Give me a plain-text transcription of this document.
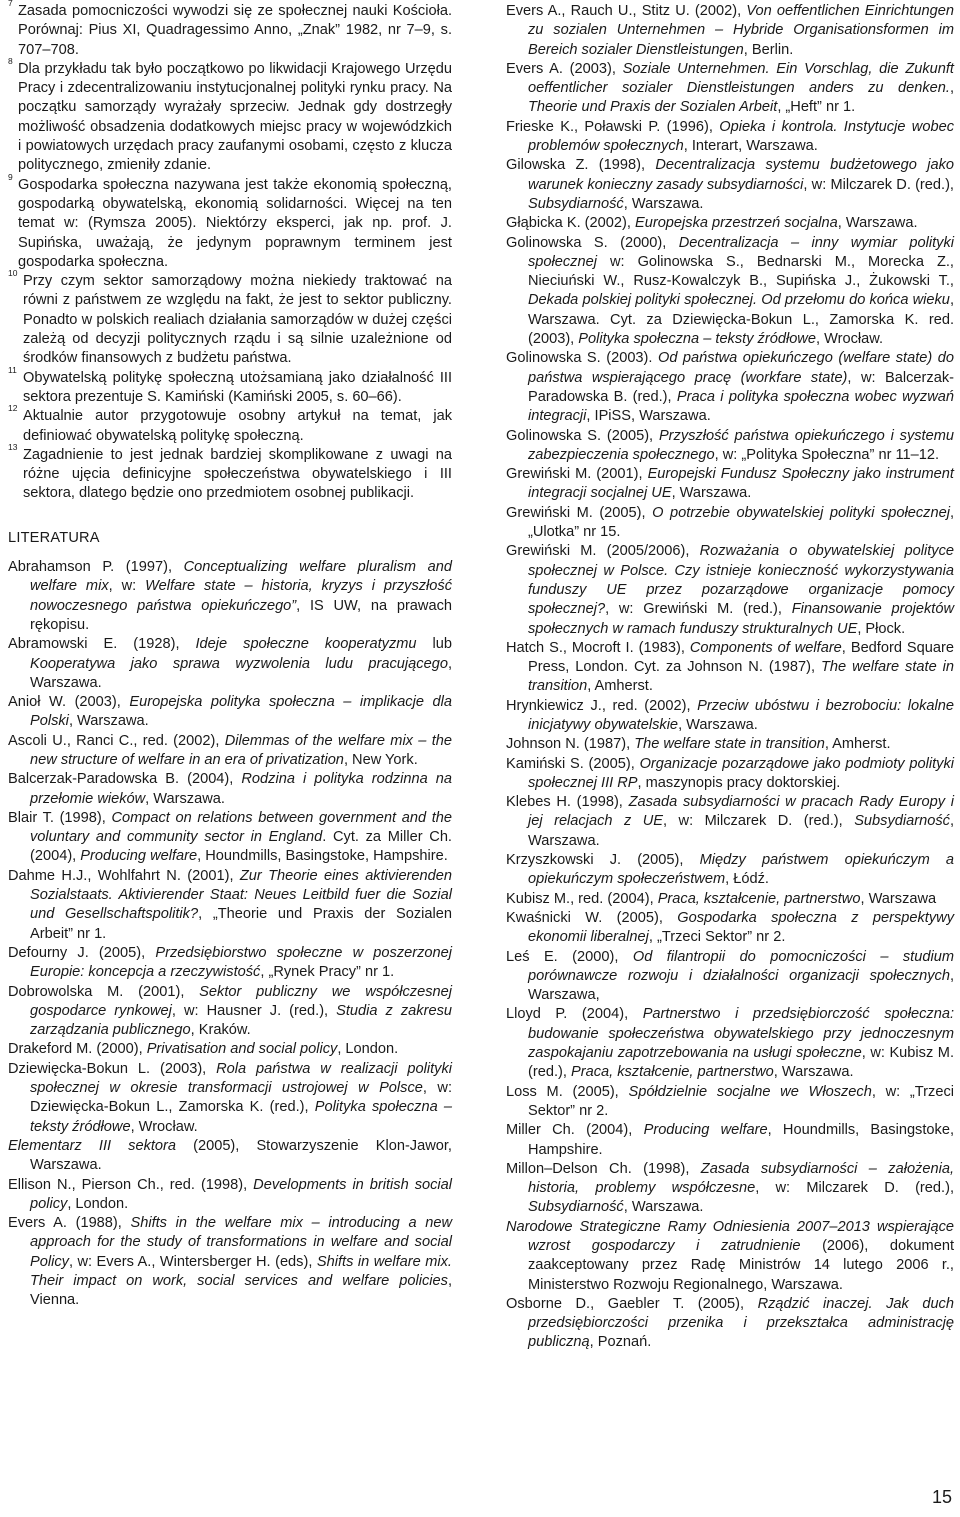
7 Zasada pomocniczości wywodzi się ze społecznej nauki Kościoła. Porównaj: Pius XI, Quadragessimo Anno, „Znak” 1982, nr 7–9, s. 707–708.

8 Dla przykładu tak było początkowo po likwidacji Krajowego Urzędu Pracy i zdecentralizowaniu instytucjonalnej polityki rynku pracy. Na początku samorządy wyrażały sprzeciw. Jednak gdy dostrzegły możliwość obsadzenia dodatkowych miejsc pracy w wojewódzkich i powiatowych urzędach pracy zaufanymi osobami, często z klucza politycznego, zmieniły zdanie.

9 Gospodarka społeczna nazywana jest także ekonomią społeczną, gospodarką obywatelską, ekonomią solidarności. Więcej na ten temat w: (Rymsza 2005). Niektórzy eksperci, jak np. prof. J. Supińska, uważają, że jedynym poprawnym terminem jest gospodarka społeczna.

10 Przy czym sektor samorządowy można niekiedy traktować na równi z państwem ze względu na fakt, że jest to sektor publiczny. Ponadto w polskich realiach działania samorządów w dużej części zależą od decyzji politycznych rządu i są silnie uzależnione od środków finansowych z budżetu państwa.

11 Obywatelską politykę społeczną utożsamianą jako działalność III sektora prezentuje S. Kamiński (Kamiński 2005, s. 60–66).

12 Aktualnie autor przygotowuje osobny artykuł na temat, jak definiować obywatelską politykę społeczną.

13 Zagadnienie to jest jednak bardziej skomplikowane z uwagi na różne ujęcia definicyjne społeczeństwa obywatelskiego i III sektora, dlatego będzie ono przedmiotem osobnej publikacji.

LITERATURA

Abrahamson P. (1997), Conceptualizing welfare pluralism and welfare mix, w: Welfare state – historia, kryzys i przyszłość nowoczesnego państwa opiekuńczego”, IS UW, na prawach rękopisu.

Abramowski E. (1928), Ideje społeczne kooperatyzmu lub Kooperatywa jako sprawa wyzwolenia ludu pracującego, Warszawa.

Anioł W. (2003), Europejska polityka społeczna – implikacje dla Polski, Warszawa.

Ascoli U., Ranci C., red. (2002), Dilemmas of the welfare mix – the new structure of welfare in an era of privatization, New York.

Balcerzak-Paradowska B. (2004), Rodzina i polityka rodzinna na przełomie wieków, Warszawa.

Blair T. (1998), Compact on relations between government and the voluntary and community sector in England. Cyt. za Miller Ch. (2004), Producing welfare, Houndmills, Basingstoke, Hampshire.

Dahme H.J., Wohlfahrt N. (2001), Zur Theorie eines aktivierenden Sozialstaats. Aktivierender Staat: Neues Leitbild fuer die Sozial und Gesellschaftspolitik?, „Theorie und Praxis der Sozialen Arbeit” nr 1.

Defourny J. (2005), Przedsiębiorstwo społeczne w poszerzonej Europie: koncepcja a rzeczywistość, „Rynek Pracy” nr 1.

Dobrowolska M. (2001), Sektor publiczny we współczesnej gospodarce rynkowej, w: Hausner J. (red.), Studia z zakresu zarządzania publicznego, Kraków.

Drakeford M. (2000), Privatisation and social policy, London.

Dziewięcka-Bokun L. (2003), Rola państwa w realizacji polityki społecznej w okresie transformacji ustrojowej w Polsce, w: Dziewięcka-Bokun L., Zamorska K. (red.), Polityka społeczna – teksty źródłowe, Wrocław.

Elementarz III sektora (2005), Stowarzyszenie Klon-Jawor, Warszawa.

Ellison N., Pierson Ch., red. (1998), Developments in british social policy, London.

Evers A. (1988), Shifts in the welfare mix – introducing a new approach for the study of transformations in welfare and social Policy, w: Evers A., Wintersberger H. (eds), Shifts in welfare mix. Their impact on work, social services and welfare policies, Vienna.

Evers A., Rauch U., Stitz U. (2002), Von oeffentlichen Einrichtungen zu sozialen Unternehmen – Hybride Organisationsformen im Bereich sozialer Dienstleistungen, Berlin.

Evers A. (2003), Soziale Unternehmen. Ein Vorschlag, die Zukunft oeffentlicher sozialer Dienstleistungen anders zu denken., Theorie und Praxis der Sozialen Arbeit, „Heft” nr 1.

Frieske K., Poławski P. (1996), Opieka i kontrola. Instytucje wobec problemów społecznych, Interart, Warszawa.

Gilowska Z. (1998), Decentralizacja systemu budżetowego jako warunek konieczny zasady subsydiarności, w: Milczarek D. (red.), Subsydiarność, Warszawa.

Głąbicka K. (2002), Europejska przestrzeń socjalna, Warszawa.

Golinowska S. (2000), Decentralizacja – inny wymiar polityki społecznej w: Golinowska S., Bednarski M., Morecka Z., Nieciuński W., Rusz-Kowalczyk B., Supińska J., Żukowski T., Dekada polskiej polityki społecznej. Od przełomu do końca wieku, Warszawa. Cyt. za Dziewięcka-Bokun L., Zamorska K. red. (2003), Polityka społeczna – teksty źródłowe, Wrocław.

Golinowska S. (2003). Od państwa opiekuńczego (welfare state) do państwa wspierającego pracę (workfare state), w: Balcerzak-Paradowska B. (red.), Praca i polityka społeczna wobec wyzwań integracji, IPiSS, Warszawa.

Golinowska S. (2005), Przyszłość państwa opiekuńczego i systemu zabezpieczenia społecznego, w: „Polityka Społeczna” nr 11–12.

Grewiński M. (2001), Europejski Fundusz Społeczny jako instrument integracji socjalnej UE, Warszawa.

Grewiński M. (2005), O potrzebie obywatelskiej polityki społecznej, „Ulotka” nr 15.

Grewiński M. (2005/2006), Rozważania o obywatelskiej polityce społecznej w Polsce. Czy istnieje konieczność wykorzystywania funduszy UE przez pozarządowe organizacje pomocy społecznej?, w: Grewiński M. (red.), Finansowanie projektów społecznych w ramach funduszy strukturalnych UE, Płock.

Hatch S., Mocroft I. (1983), Components of welfare, Bedford Square Press, London. Cyt. za Johnson N. (1987), The welfare state in transition, Amherst.

Hrynkiewicz J., red. (2002), Przeciw ubóstwu i bezrobociu: lokalne inicjatywy obywatelskie, Warszawa.

Johnson N. (1987), The welfare state in transition, Amherst.

Kamiński S. (2005), Organizacje pozarządowe jako podmioty polityki społecznej III RP, maszynopis pracy doktorskiej.

Klebes H. (1998), Zasada subsydiarności w pracach Rady Europy i jej relacjach z UE, w: Milczarek D. (red.), Subsydiarność, Warszawa.

Krzyszkowski J. (2005), Między państwem opiekuńczym a opiekuńczym społeczeństwem, Łódź.

Kubisz M., red. (2004), Praca, kształcenie, partnerstwo, Warszawa

Kwaśnicki W. (2005), Gospodarka społeczna z perspektywy ekonomii liberalnej, „Trzeci Sektor” nr 2.

Leś E. (2000), Od filantropii do pomocniczości – studium porównawcze rozwoju i działalności organizacji społecznych, Warszawa,

Lloyd P. (2004), Partnerstwo i przedsiębiorczość społeczna: budowanie społeczeństwa obywatelskiego przy jednoczesnym zaspokajaniu zapotrzebowania na usługi społeczne, w: Kubisz M. (red.), Praca, kształcenie, partnerstwo, Warszawa.

Loss M. (2005), Spółdzielnie socjalne we Włoszech, w: „Trzeci Sektor” nr 2.

Miller Ch. (2004), Producing welfare, Houndmills, Basingstoke, Hampshire.

Millon–Delson Ch. (1998), Zasada subsydiarności – założenia, historia, problemy współczesne, w: Milczarek D. (red.), Subsydiarność, Warszawa.

Narodowe Strategiczne Ramy Odniesienia 2007–2013 wspierające wzrost gospodarczy i zatrudnienie (2006), dokument zaakceptowany przez Radę Ministrów 14 lutego 2006 r., Ministerstwo Rozwoju Regionalnego, Warszawa.

Osborne D., Gaebler T. (2005), Rządzić inaczej. Jak duch przedsiębiorczości przenika i przekształca administrację publiczną, Poznań.

15
